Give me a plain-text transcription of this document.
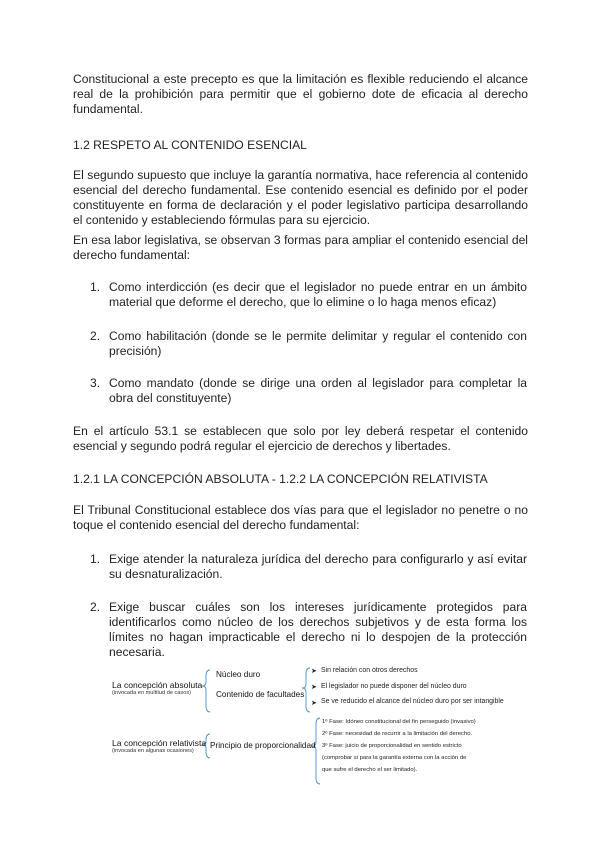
Constitucional a este precepto es que la limitación es flexible reduciendo el alcance real de la prohibición para permitir que el gobierno dote de eficacia al derecho fundamental.

1.2 RESPETO AL CONTENIDO ESENCIAL

El segundo supuesto que incluye la garantía normativa, hace referencia al contenido esencial del derecho fundamental. Ese contenido esencial es definido por el poder constituyente en forma de declaración y el poder legislativo participa desarrollando el contenido y estableciendo fórmulas para su ejercicio.

En esa labor legislativa, se observan 3 formas para ampliar el contenido esencial del derecho fundamental:

1. Como interdicción (es decir que el legislador no puede entrar en un ámbito material que deforme el derecho, que lo elimine o lo haga menos eficaz)
2. Como habilitación (donde se le permite delimitar y regular el contenido con precisión)
3. Como mandato (donde se dirige una orden al legislador para completar la obra del constituyente)

En el artículo 53.1 se establecen que solo por ley deberá respetar el contenido esencial y segundo podrá regular el ejercicio de derechos y libertades.

1.2.1 LA CONCEPCIÓN ABSOLUTA - 1.2.2 LA CONCEPCIÓN RELATIVISTA

El Tribunal Constitucional establece dos vías para que el legislador no penetre o no toque el contenido esencial del derecho fundamental:

1. Exige atender la naturaleza jurídica del derecho para configurarlo y así evitar su desnaturalización.
2. Exige buscar cuáles son los intereses jurídicamente protegidos para identificarlos como núcleo de los derechos subjetivos y de esta forma los límites no hagan impracticable el derecho ni lo despojen de la protección necesaria.
La concepción absoluta
(invocada en multitud de casos)
Núcleo duro
Contenido de facultades
➤ Sin relación con otros derechos
➤ El legislador no puede disponer del núcleo duro
➤ Se ve reducido el alcance del núcleo duro por ser intangible
La concepción relativista
(invocada en algunas ocasiones)
Principio de proporcionalidad
1º Fase: Idóneo constitucional del fin perseguido (invasivo)
2º Fase: necesidad de recurrir a la limitación del derecho.
3º Fase: juicio de proporcionalidad en sentido estricto
(comprobar si para la garantía externa con la acción de
que sufre el derecho el ser limitado).
